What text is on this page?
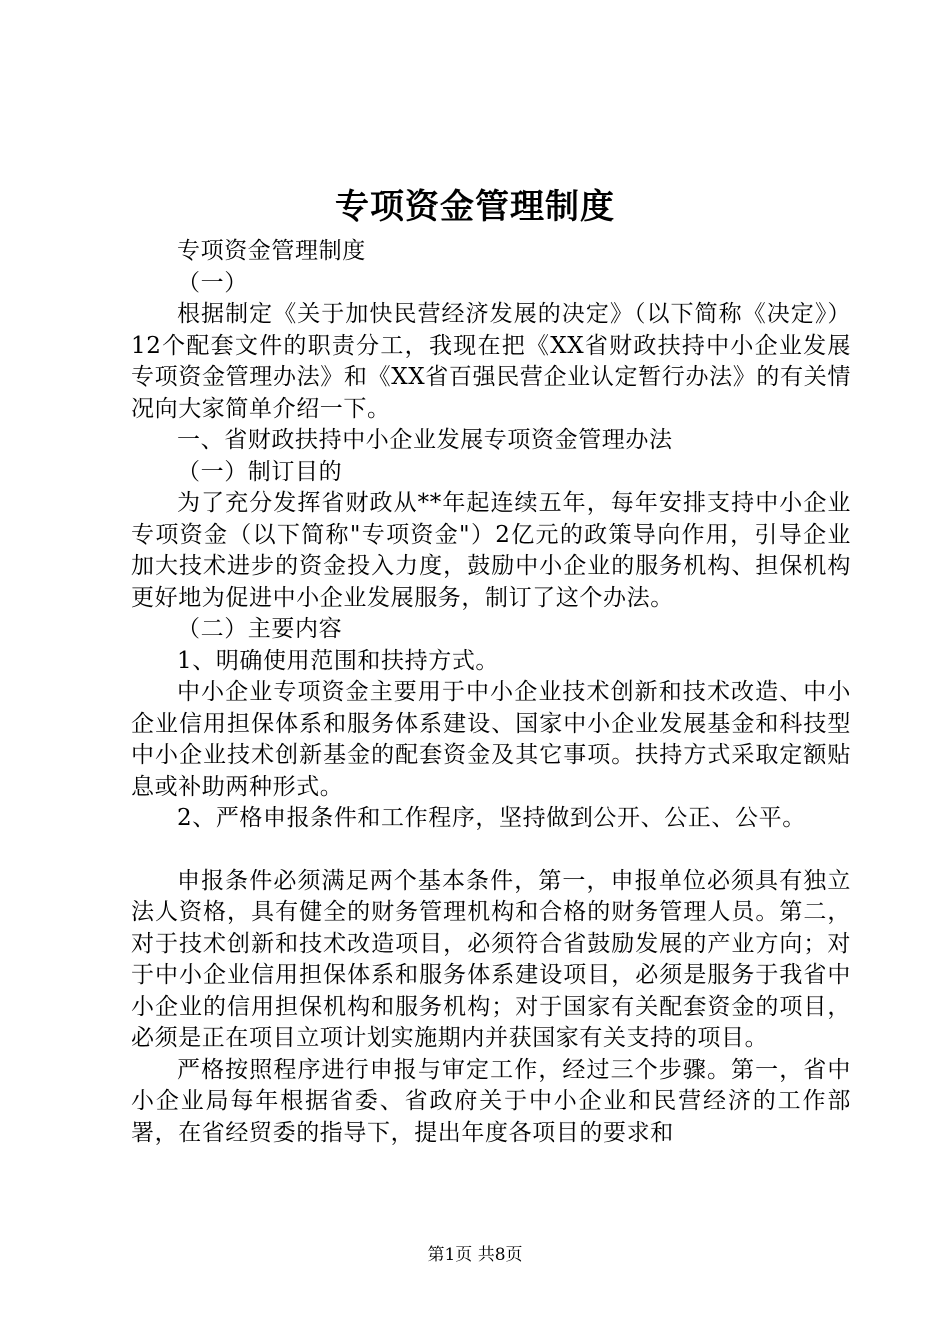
专项资金管理制度

专项资金管理制度

（一）

根据制定《关于加快民营经济发展的决定》（以下简称《决定》）12个配套文件的职责分工，我现在把《XX省财政扶持中小企业发展专项资金管理办法》和《XX省百强民营企业认定暂行办法》的有关情况向大家简单介绍一下。

一、省财政扶持中小企业发展专项资金管理办法

（一）制订目的

为了充分发挥省财政从**年起连续五年，每年安排支持中小企业专项资金（以下简称"专项资金"）2亿元的政策导向作用，引导企业加大技术进步的资金投入力度，鼓励中小企业的服务机构、担保机构更好地为促进中小企业发展服务，制订了这个办法。

（二）主要内容

1、明确使用范围和扶持方式。

中小企业专项资金主要用于中小企业技术创新和技术改造、中小企业信用担保体系和服务体系建设、国家中小企业发展基金和科技型中小企业技术创新基金的配套资金及其它事项。扶持方式采取定额贴息或补助两种形式。

2、严格申报条件和工作程序，坚持做到公开、公正、公平。

申报条件必须满足两个基本条件，第一，申报单位必须具有独立法人资格，具有健全的财务管理机构和合格的财务管理人员。第二，对于技术创新和技术改造项目，必须符合省鼓励发展的产业方向；对于中小企业信用担保体系和服务体系建设项目，必须是服务于我省中小企业的信用担保机构和服务机构；对于国家有关配套资金的项目，必须是正在项目立项计划实施期内并获国家有关支持的项目。

严格按照程序进行申报与审定工作，经过三个步骤。第一，省中小企业局每年根据省委、省政府关于中小企业和民营经济的工作部署，在省经贸委的指导下，提出年度各项目的要求和

第1页 共8页
